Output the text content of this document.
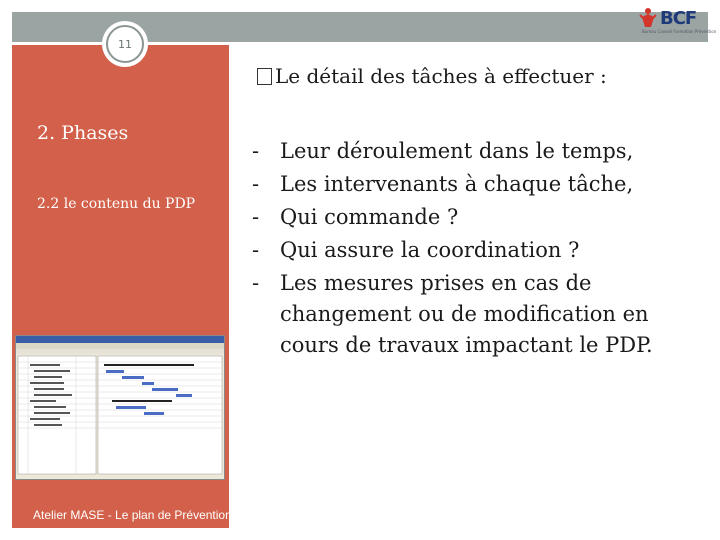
11
BCF
Bureau Conseil Formation Prévention
2. Phases
2.2 le contenu du PDP
Atelier MASE - Le plan de Prévention
Le détail des tâches à effectuer :
- Leur déroulement dans le temps,
- Les intervenants à chaque tâche,
- Qui commande ?
- Qui assure la coordination ?
- Les mesures prises en cas de changement ou de modification en cours de travaux impactant le PDP.
